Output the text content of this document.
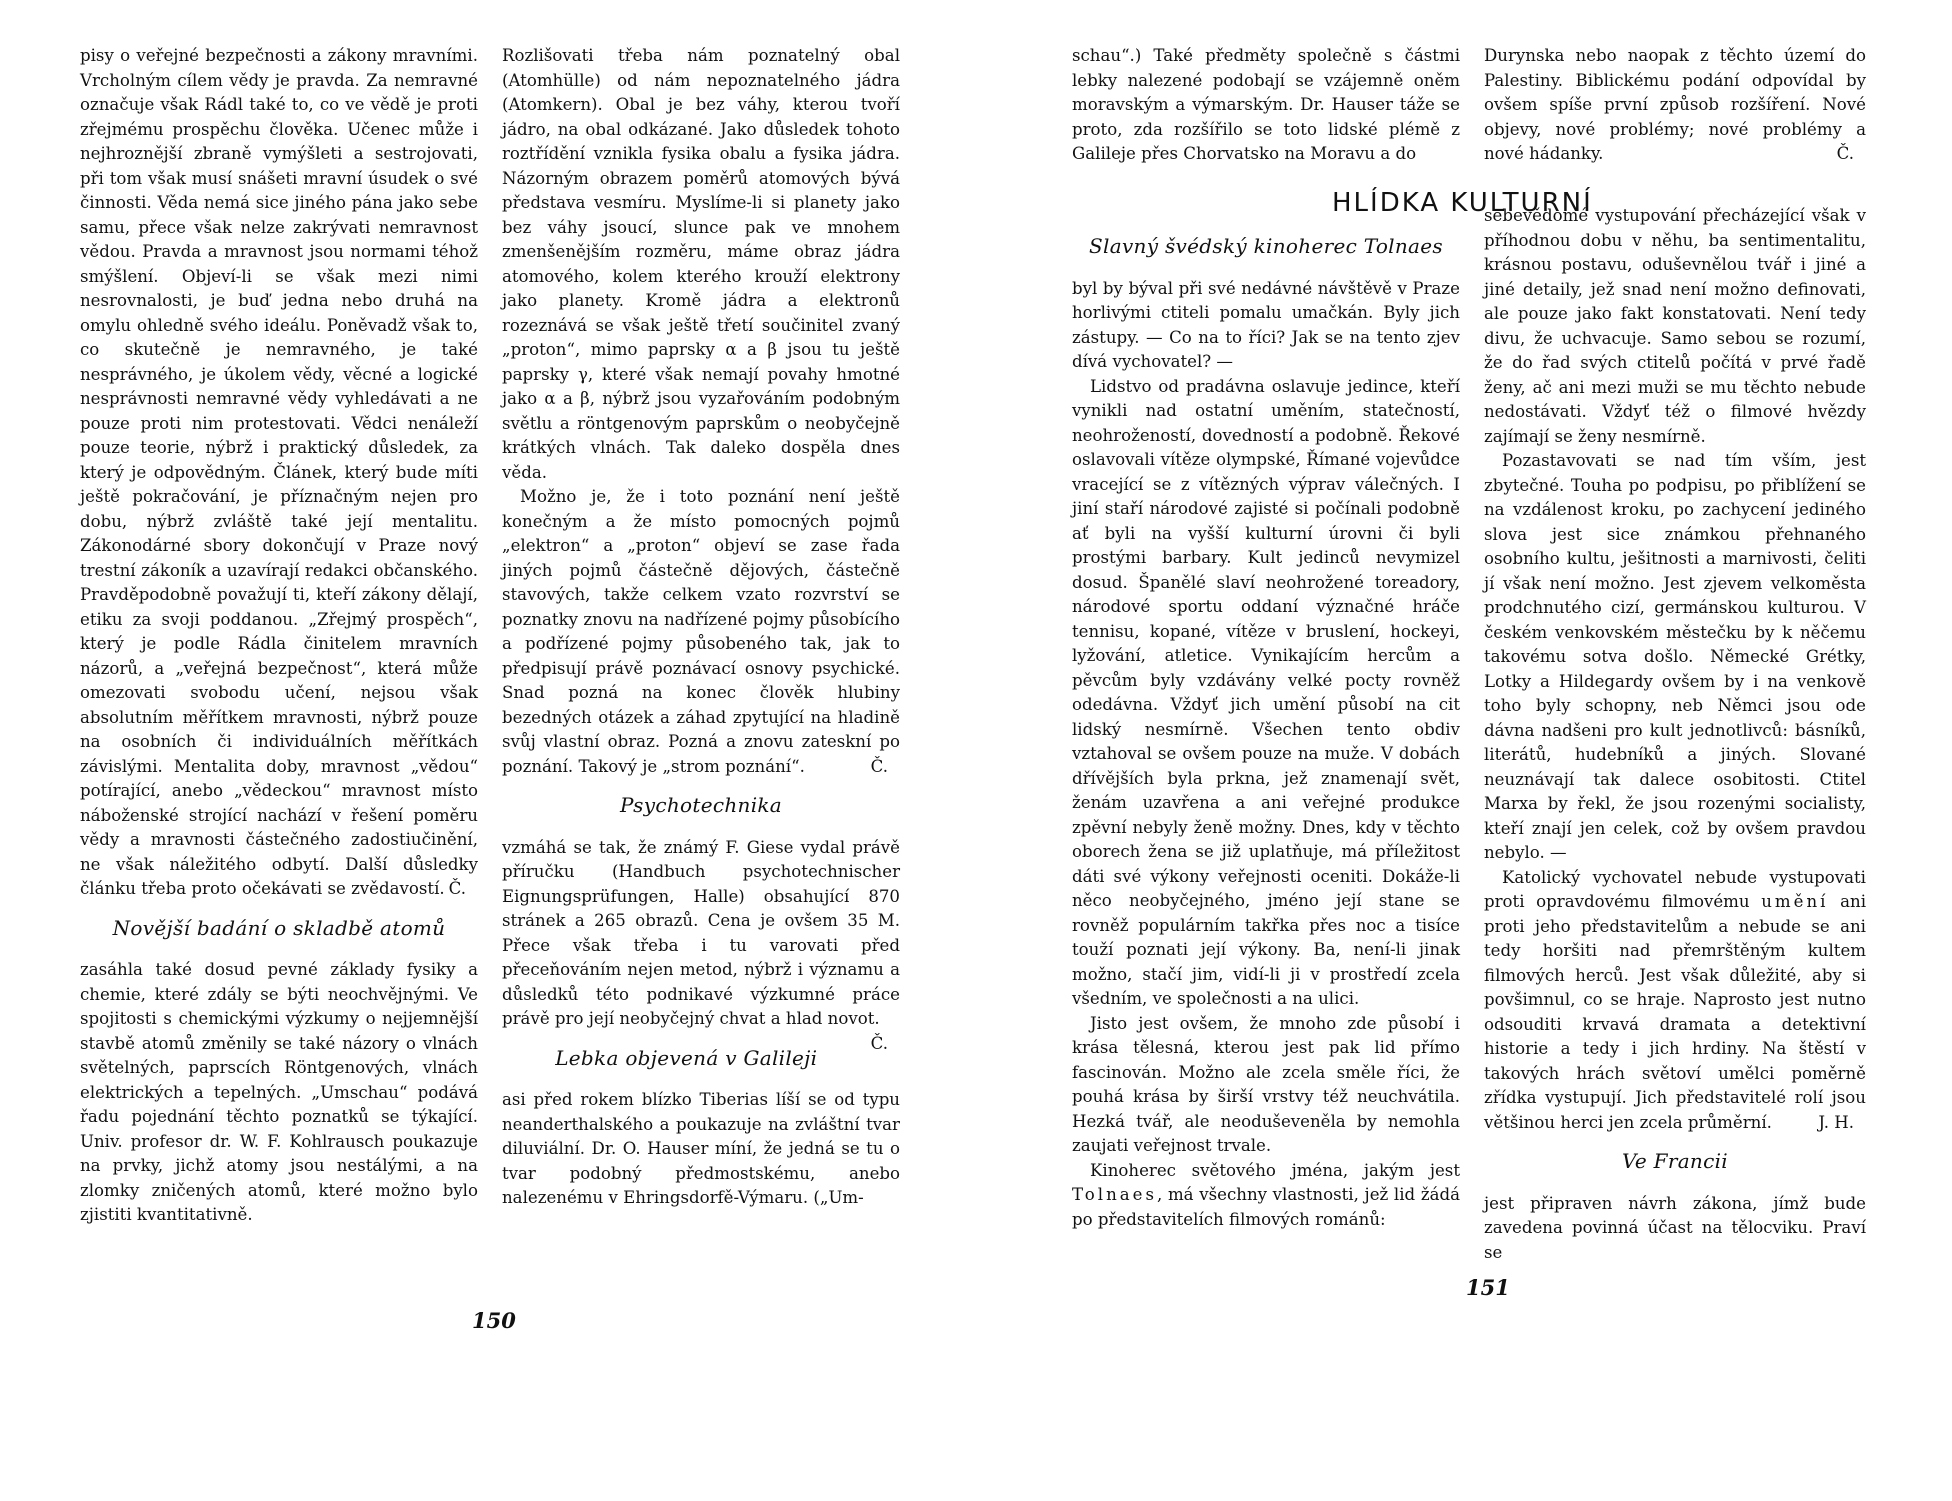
pisy o veřejné bezpečnosti a zákony mravními. Vrcholným cílem vědy je pravda. Za nemravné označuje však Rádl také to, co ve vědě je proti zřejmému prospěchu člověka. Učenec může i nejhroznější zbraně vymýšleti a sestrojovati, při tom však musí snášeti mravní úsudek o své činnosti. Věda nemá sice jiného pána jako sebe samu, přece však nelze zakrývati nemravnost vědou. Pravda a mravnost jsou normami téhož smýšlení. Objeví-li se však mezi nimi nesrovnalosti, je buď jedna nebo druhá na omylu ohledně svého ideálu. Poněvadž však to, co skutečně je nemravného, je také nesprávného, je úkolem vědy, věcné a logické nesprávnosti nemravné vědy vyhledávati a ne pouze proti nim protestovati. Vědci nenáleží pouze teorie, nýbrž i praktický důsledek, za který je odpovědným. Článek, který bude míti ještě pokračování, je příznačným nejen pro dobu, nýbrž zvláště také její mentalitu. Zákonodárné sbory dokončují v Praze nový trestní zákoník a uzavírají redakci občanského. Pravděpodobně považují ti, kteří zákony dělají, etiku za svoji poddanou. „Zřejmý prospěch“, který je podle Rádla činitelem mravních názorů, a „veřejná bezpečnost“, která může omezovati svobodu učení, nejsou však absolutním měřítkem mravnosti, nýbrž pouze na osobních či individuálních měřítkách závislými. Mentalita doby, mravnost „vědou“ potírající, anebo „vědeckou“ mravnost místo náboženské strojící nachází v řešení poměru vědy a mravnosti částečného zadostiučinění, ne však náležitého odbytí. Další důsledky článku třeba proto očekávati se zvědavostí. Č.

Novější badání o skladbě atomů

zasáhla také dosud pevné základy fysiky a chemie, které zdály se býti neochvějnými. Ve spojitosti s chemickými výzkumy o nejjemnější stavbě atomů změnily se také názory o vlnách světelných, paprscích Röntgenových, vlnách elektrických a tepelných. „Umschau“ podává řadu pojednání těchto poznatků se týkající. Univ. profesor dr. W. F. Kohlrausch poukazuje na prvky, jichž atomy jsou nestálými, a na zlomky zničených atomů, které možno bylo zjistiti kvantitativně.

Rozlišovati třeba nám poznatelný obal (Atomhülle) od nám nepoznatelného jádra (Atomkern). Obal je bez váhy, kterou tvoří jádro, na obal odkázané. Jako důsledek tohoto roztřídění vznikla fysika obalu a fysika jádra. Názorným obrazem poměrů atomových bývá představa vesmíru. Myslíme-li si planety jako bez váhy jsoucí, slunce pak ve mnohem zmenšenějším rozměru, máme obraz jádra atomového, kolem kterého krouží elektrony jako planety. Kromě jádra a elektronů rozeznává se však ještě třetí součinitel zvaný „proton“, mimo paprsky α a β jsou tu ještě paprsky γ, které však nemají povahy hmotné jako α a β, nýbrž jsou vyzařováním podobným světlu a röntgenovým paprskům o neobyčejně krátkých vlnách. Tak daleko dospěla dnes věda.

Možno je, že i toto poznání není ještě konečným a že místo pomocných pojmů „elektron“ a „proton“ objeví se zase řada jiných pojmů částečně dějových, částečně stavových, takže celkem vzato rozvrství se poznatky znovu na nadřízené pojmy působícího a podřízené pojmy působeného tak, jak to předpisují právě poznávací osnovy psychické. Snad pozná na konec člověk hlubiny bezedných otázek a záhad zpytující na hladině svůj vlastní obraz. Pozná a znovu zateskní po poznání. Takový je „strom poznání“.	Č.

Psychotechnika

vzmáhá se tak, že známý F. Giese vydal právě příručku (Handbuch psychotechnischer Eignungsprüfungen, Halle) obsahující 870 stránek a 265 obrazů. Cena je ovšem 35 M. Přece však třeba i tu varovati před přeceňováním nejen metod, nýbrž i významu a důsledků této podnikavé výzkumné práce právě pro její neobyčejný chvat a hlad novot.
Č.

Lebka objevená v Galileji

asi před rokem blízko Tiberias líší se od typu neanderthalského a poukazuje na zvláštní tvar diluviální. Dr. O. Hauser míní, že jedná se tu o tvar podobný předmostskému, anebo nalezenému v Ehringsdorfě-Výmaru. („Um-

150

schau“.) Také předměty společně s částmi lebky nalezené podobají se vzájemně oněm moravským a výmarským. Dr. Hauser táže se proto, zda rozšířilo se toto lidské plémě z Galileje přes Chorvatsko na Moravu a do

Durynska nebo naopak z těchto území do Palestiny. Biblickému podání odpovídal by ovšem spíše první způsob rozšíření. Nové objevy, nové problémy; nové problémy a nové hádanky.	Č.

HLÍDKA KULTURNÍ
Slavný švédský kinoherec Tolnaes

byl by býval při své nedávné návštěvě v Praze horlivými ctiteli pomalu umačkán. Byly jich zástupy. — Co na to říci? Jak se na tento zjev dívá vychovatel? —

Lidstvo od pradávna oslavuje jedince, kteří vynikli nad ostatní uměním, statečností, neohrožeností, dovedností a podobně. Řekové oslavovali vítěze olympské, Římané vojevůdce vracející se z vítězných výprav válečných. I jiní staří národové zajisté si počínali podobně ať byli na vyšší kulturní úrovni či byli prostými barbary. Kult jedinců nevymizel dosud. Španělé slaví neohrožené toreadory, národové sportu oddaní význačné hráče tennisu, kopané, vítěze v bruslení, hockeyi, lyžování, atletice. Vynikajícím hercům a pěvcům byly vzdávány velké pocty rovněž odedávna. Vždyť jich umění působí na cit lidský nesmírně. Všechen tento obdiv vztahoval se ovšem pouze na muže. V dobách dřívějších byla prkna, jež znamenají svět, ženám uzavřena a ani veřejné produkce zpěvní nebyly ženě možny. Dnes, kdy v těchto oborech žena se již uplatňuje, má příležitost dáti své výkony veřejnosti oceniti. Dokáže-li něco neobyčejného, jméno její stane se rovněž populárním takřka přes noc a tisíce touží poznati její výkony. Ba, není-li jinak možno, stačí jim, vidí-li ji v prostředí zcela všedním, ve společnosti a na ulici.

Jisto jest ovšem, že mnoho zde působí i krása tělesná, kterou jest pak lid přímo fascinován. Možno ale zcela směle říci, že pouhá krása by širší vrstvy též neuchvátila. Hezká tvář, ale neoduševeněla by nemohla zaujati veřejnost trvale.

Kinoherec světového jména, jakým jest Tolnaes, má všechny vlastnosti, jež lid žádá po představitelích filmových románů:

sebevědomé vystupování přecházející však v příhodnou dobu v něhu, ba sentimentalitu, krásnou postavu, oduševnělou tvář i jiné a jiné detaily, jež snad není možno definovati, ale pouze jako fakt konstatovati. Není tedy divu, že uchvacuje. Samo sebou se rozumí, že do řad svých ctitelů počítá v prvé řadě ženy, ač ani mezi muži se mu těchto nebude nedostávati. Vždyť též o filmové hvězdy zajímají se ženy nesmírně.

Pozastavovati se nad tím vším, jest zbytečné. Touha po podpisu, po přiblížení se na vzdálenost kroku, po zachycení jediného slova jest sice známkou přehnaného osobního kultu, ješitnosti a marnivosti, čeliti jí však není možno. Jest zjevem velkoměsta prodchnutého cizí, germánskou kulturou. V českém venkovském městečku by k něčemu takovému sotva došlo. Německé Grétky, Lotky a Hildegardy ovšem by i na venkově toho byly schopny, neb Němci jsou ode dávna nadšeni pro kult jednotlivců: básníků, literátů, hudebníků a jiných. Slované neuznávají tak dalece osobitosti. Ctitel Marxa by řekl, že jsou rozenými socialisty, kteří znají jen celek, což by ovšem pravdou nebylo. —

Katolický vychovatel nebude vystupovati proti opravdovému filmovému umění ani proti jeho představitelům a nebude se ani tedy horšiti nad přemrštěným kultem filmových herců. Jest však důležité, aby si povšimnul, co se hraje. Naprosto jest nutno odsouditi krvavá dramata a detektivní historie a tedy i jich hrdiny. Na štěstí v takových hrách světoví umělci poměrně zřídka vystupují. Jich představitelé rolí jsou většinou herci jen zcela průměrní.	J. H.

Ve Francii

jest připraven návrh zákona, jímž bude zavedena povinná účast na tělocviku. Praví se

151
